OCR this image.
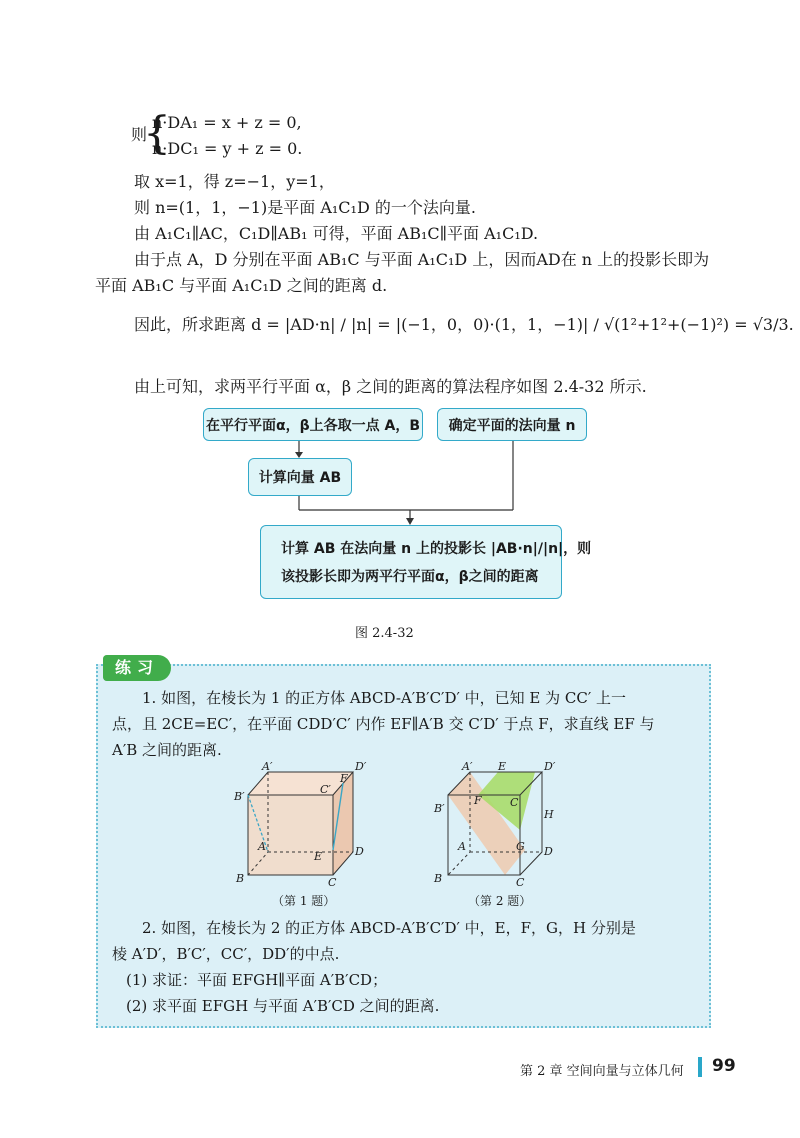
则
{
n·DA₁ = x + z = 0,
n·DC₁ = y + z = 0.
取 x=1，得 z=−1，y=1，
则 n=(1，1，−1)是平面 A₁C₁D 的一个法向量.
由 A₁C₁∥AC，C₁D∥AB₁ 可得，平面 AB₁C∥平面 A₁C₁D.
由于点 A，D 分别在平面 AB₁C 与平面 A₁C₁D 上，因而AD在 n 上的投影长即为
平面 AB₁C 与平面 A₁C₁D 之间的距离 d.
因此，所求距离 d = |AD·n| / |n| = |(−1，0，0)·(1，1，−1)| / √(1²+1²+(−1)²) = √3/3.
由上可知，求两平行平面 α，β 之间的距离的算法程序如图 2.4-32 所示.
在平行平面α，β上各取一点 A，B 确定平面的法向量 n
计算向量 AB
计算 AB 在法向量 n 上的投影长 |AB·n|/|n|，则
该投影长即为两平行平面α，β之间的距离
图 2.4-32
练习
1. 如图，在棱长为 1 的正方体 ABCD-A′B′C′D′ 中，已知 E 为 CC′ 上一
点，且 2CE=EC′，在平面 CDD′C′ 内作 EF∥A′B 交 C′D′ 于点 F，求直线 EF 与
A′B 之间的距离.
A′	D′
B′
C′
F
E
A	D
B	C
（第 1 题）
A′ E	D′
F	C
B′	H
A	G D
B	C
（第 2 题）
2. 如图，在棱长为 2 的正方体 ABCD-A′B′C′D′ 中，E，F，G，H 分别是
棱 A′D′，B′C′，CC′，DD′的中点.
(1) 求证：平面 EFGH∥平面 A′B′CD；
(2) 求平面 EFGH 与平面 A′B′CD 之间的距离.
第 2 章 空间向量与立体几何 99
